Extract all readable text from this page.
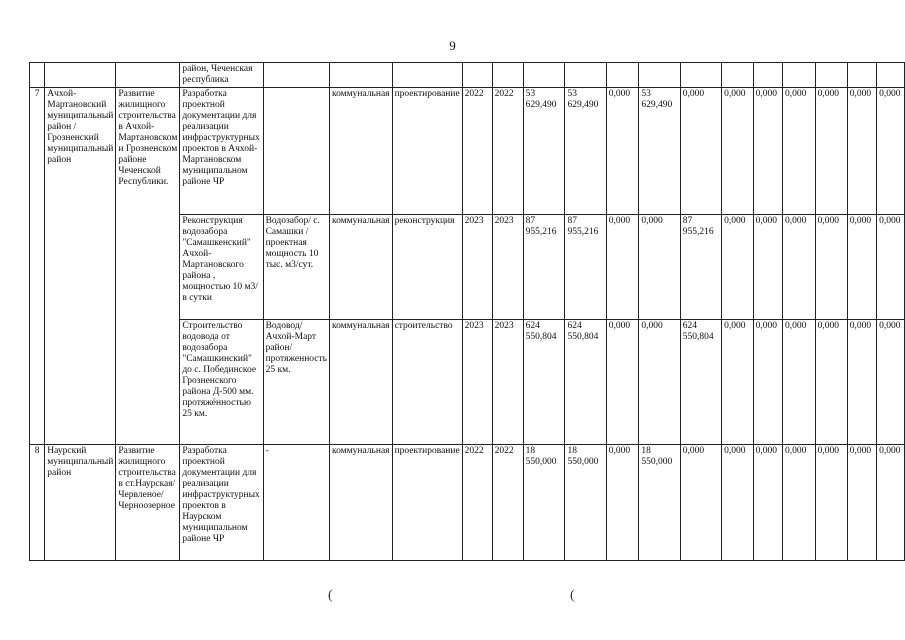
9
			район, Чеченская республика																
7	Ачхой-Мартановский муниципальный район /Грозненский муниципальный район	Развитие жилищного строительства в Ачхой-Мартановском и Грозненском районе Чеченской Республики.	Разработка проектной документации для реализации инфраструктурных проектов в Ачхой-Мартановском муниципальном районе ЧР		коммунальная	проектирование	2022	2022	53 629,490	53 629,490	0,000	53 629,490	0,000	0,000	0,000	0,000	0,000	0,000	0,000
			Реконструкция водозабора "Самашкенский" Ачхой-Мартановского района , мощностью 10 м3/ в сутки	Водозабор/ с. Самашки /проектная мощность 10 тыс. м3/сут.	коммунальная	реконструкция	2023	2023	87 955,216	87 955,216	0,000	0,000	87 955,216	0,000	0,000	0,000	0,000	0,000	0,000
			Строительство водовода от водозабора "Самашкинский" до с. Побединское Грозненского района Д-500 мм. протяжённостью 25 км.	Водовод/ Ачхой-Март район/ протяженность 25 км.	коммунальная	строительство	2023	2023	624 550,804	624 550,804	0,000	0,000	624 550,804	0,000	0,000	0,000	0,000	0,000	0,000
8	Наурский муниципальный район	Развитие жилищного строительства в ст.Наурская/ Червленое/ Черноозерное	Разработка проектной документации для реализации инфраструктурных проектов в Наурском муниципальном районе ЧР	-	коммунальная	проектирование	2022	2022	18 550,000	18 550,000	0,000	18 550,000	0,000	0,000	0,000	0,000	0,000	0,000	0,000
(	(
